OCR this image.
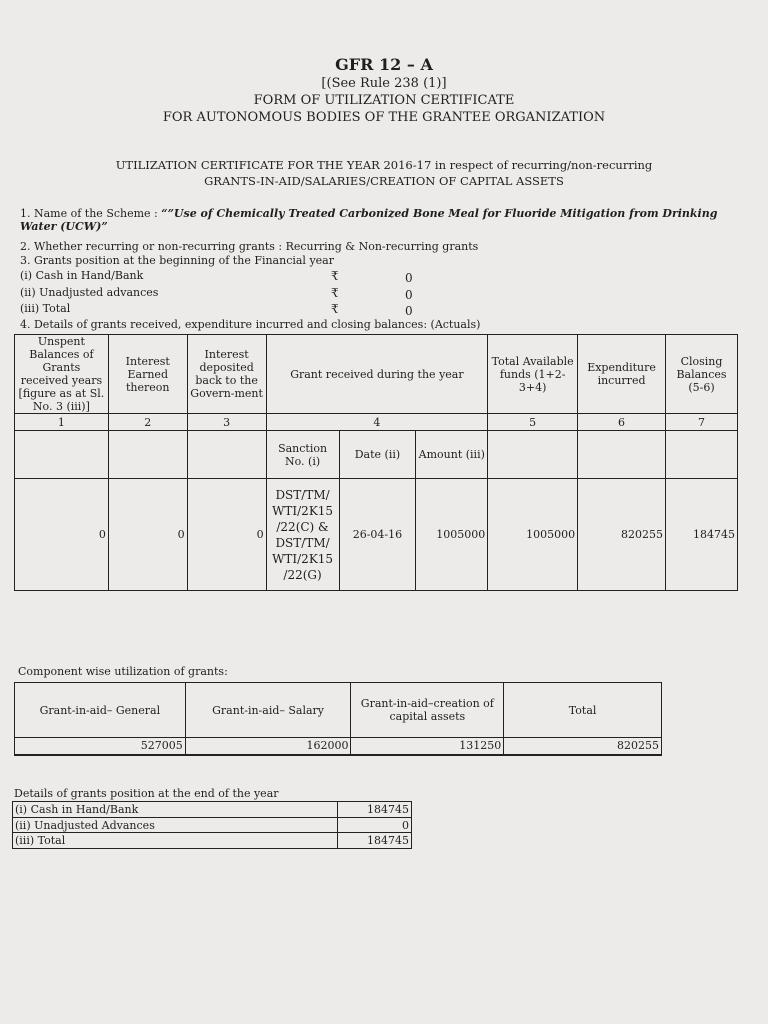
GFR 12 – A
[(See Rule 238 (1)]
FORM OF UTILIZATION CERTIFICATE
FOR AUTONOMOUS BODIES OF THE GRANTEE ORGANIZATION
UTILIZATION CERTIFICATE FOR THE YEAR 2016-17 in respect of recurring/non-recurring
GRANTS-IN-AID/SALARIES/CREATION OF CAPITAL ASSETS
1. Name of the Scheme : “”Use of Chemically Treated Carbonized Bone Meal for Fluoride Mitigation from Drinking
Water (UCW)”
2. Whether recurring or non-recurring grants : Recurring & Non-recurring grants
3. Grants position at the beginning of the Financial year
(i) Cash in Hand/Bank	₹	0
(ii) Unadjusted advances	₹	0
(iii) Total	₹	0
4. Details of grants received, expenditure incurred and closing balances: (Actuals)
Unspent Balances of Grants received years [figure as at Sl. No. 3 (iii)]	Interest Earned thereon	Interest deposited back to the Govern-ment	Grant received during the year			Total Available funds (1+2-3+4)	Expenditure incurred	Closing Balances (5-6)
1	2	3	4			5	6	7
			Sanction No. (i)	Date (ii)	Amount (iii)			
0	0	0	DST/TM/ WTI/2K15 /22(C) & DST/TM/ WTI/2K15 /22(G)	26-04-16	1005000	1005000	820255	184745
Component wise utilization of grants:
Grant-in-aid– General	Grant-in-aid– Salary	Grant-in-aid–creation of capital assets	Total
527005	162000	131250	820255
Details of grants position at the end of the year
(i) Cash in Hand/Bank	184745
(ii) Unadjusted Advances	0
(iii) Total	184745
